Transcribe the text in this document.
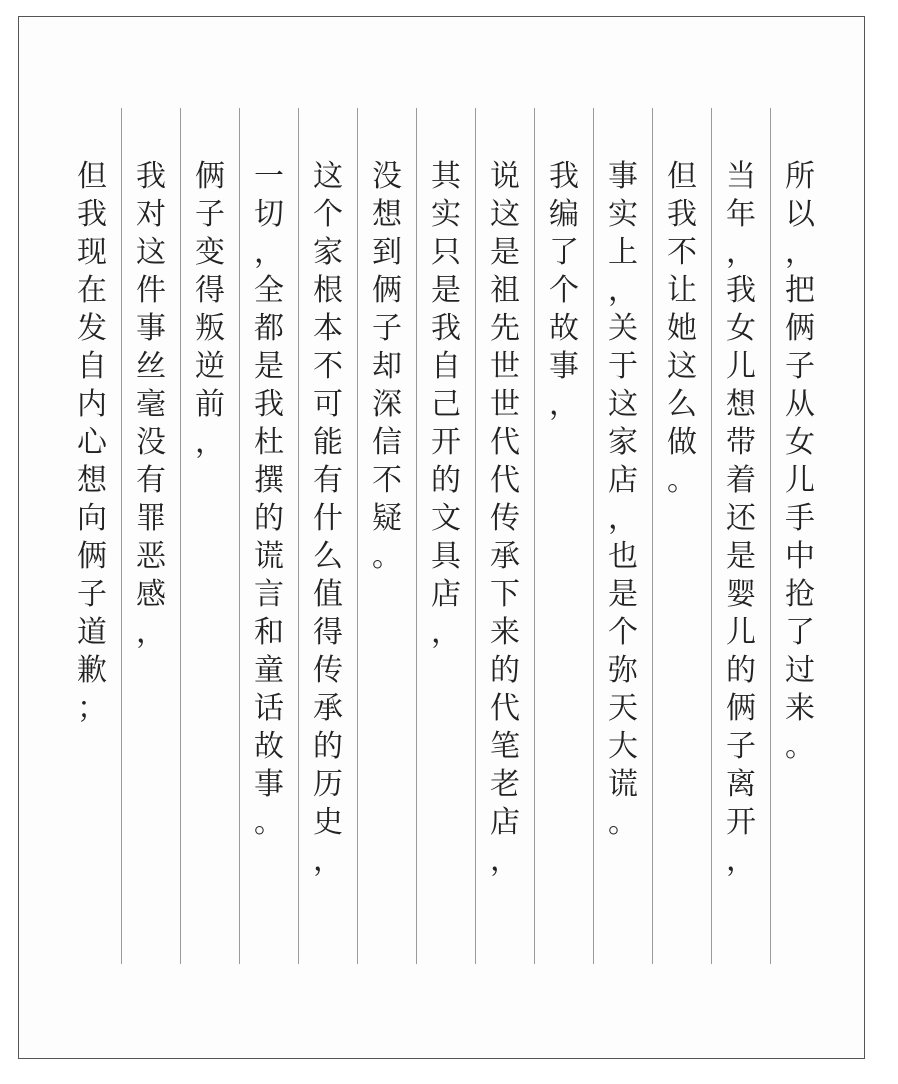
所
以
，
把
俩
子
从
女
儿
手
中
抢
了
过
来
。
当
年
，
我
女
儿
想
带
着
还
是
婴
儿
的
俩
子
离
开
，
但
我
不
让
她
这
么
做
。
事
实
上
，
关
于
这
家
店
，
也
是
个
弥
天
大
谎
。
我
编
了
个
故
事
，
说
这
是
祖
先
世
世
代
代
传
承
下
来
的
代
笔
老
店
，
其
实
只
是
我
自
己
开
的
文
具
店
，
没
想
到
俩
子
却
深
信
不
疑
。
这
个
家
根
本
不
可
能
有
什
么
值
得
传
承
的
历
史
，
一
切
，
全
都
是
我
杜
撰
的
谎
言
和
童
话
故
事
。
俩
子
变
得
叛
逆
前
，
我
对
这
件
事
丝
毫
没
有
罪
恶
感
，
但
我
现
在
发
自
内
心
想
向
俩
子
道
歉
；
